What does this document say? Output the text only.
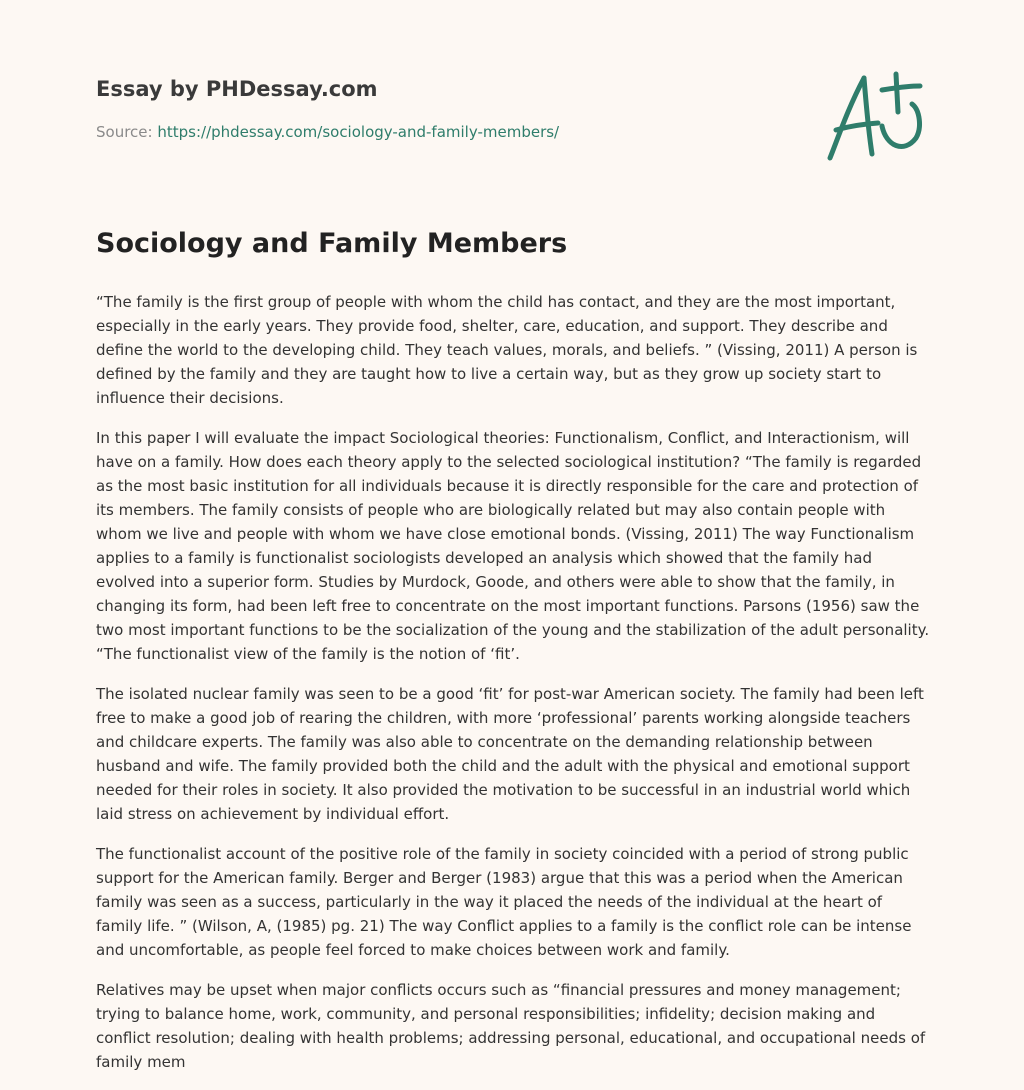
Essay by PHDessay.com
Source: https://phdessay.com/sociology-and-family-members/
Sociology and Family Members

“The family is the first group of people with whom the child has contact, and they are the most important, especially in the early years. They provide food, shelter, care, education, and support. They describe and define the world to the developing child. They teach values, morals, and beliefs. ” (Vissing, 2011) A person is defined by the family and they are taught how to live a certain way, but as they grow up society start to influence their decisions.

In this paper I will evaluate the impact Sociological theories: Functionalism, Conflict, and Interactionism, will have on a family. How does each theory apply to the selected sociological institution? “The family is regarded as the most basic institution for all individuals because it is directly responsible for the care and protection of its members. The family consists of people who are biologically related but may also contain people with whom we live and people with whom we have close emotional bonds. (Vissing, 2011) The way Functionalism applies to a family is functionalist sociologists developed an analysis which showed that the family had evolved into a superior form. Studies by Murdock, Goode, and others were able to show that the family, in changing its form, had been left free to concentrate on the most important functions. Parsons (1956) saw the two most important functions to be the socialization of the young and the stabilization of the adult personality. “The functionalist view of the family is the notion of ‘fit’.

The isolated nuclear family was seen to be a good ‘fit’ for post-war American society. The family had been left free to make a good job of rearing the children, with more ‘professional’ parents working alongside teachers and childcare experts. The family was also able to concentrate on the demanding relationship between husband and wife. The family provided both the child and the adult with the physical and emotional support needed for their roles in society. It also provided the motivation to be successful in an industrial world which laid stress on achievement by individual effort.

The functionalist account of the positive role of the family in society coincided with a period of strong public support for the American family. Berger and Berger (1983) argue that this was a period when the American family was seen as a success, particularly in the way it placed the needs of the individual at the heart of family life. ” (Wilson, A, (1985) pg. 21) The way Conflict applies to a family is the conflict role can be intense and uncomfortable, as people feel forced to make choices between work and family.

Relatives may be upset when major conflicts occurs such as “financial pressures and money management; trying to balance home, work, community, and personal responsibilities; infidelity; decision making and conflict resolution; dealing with health problems; addressing personal, educational, and occupational needs of family mem
